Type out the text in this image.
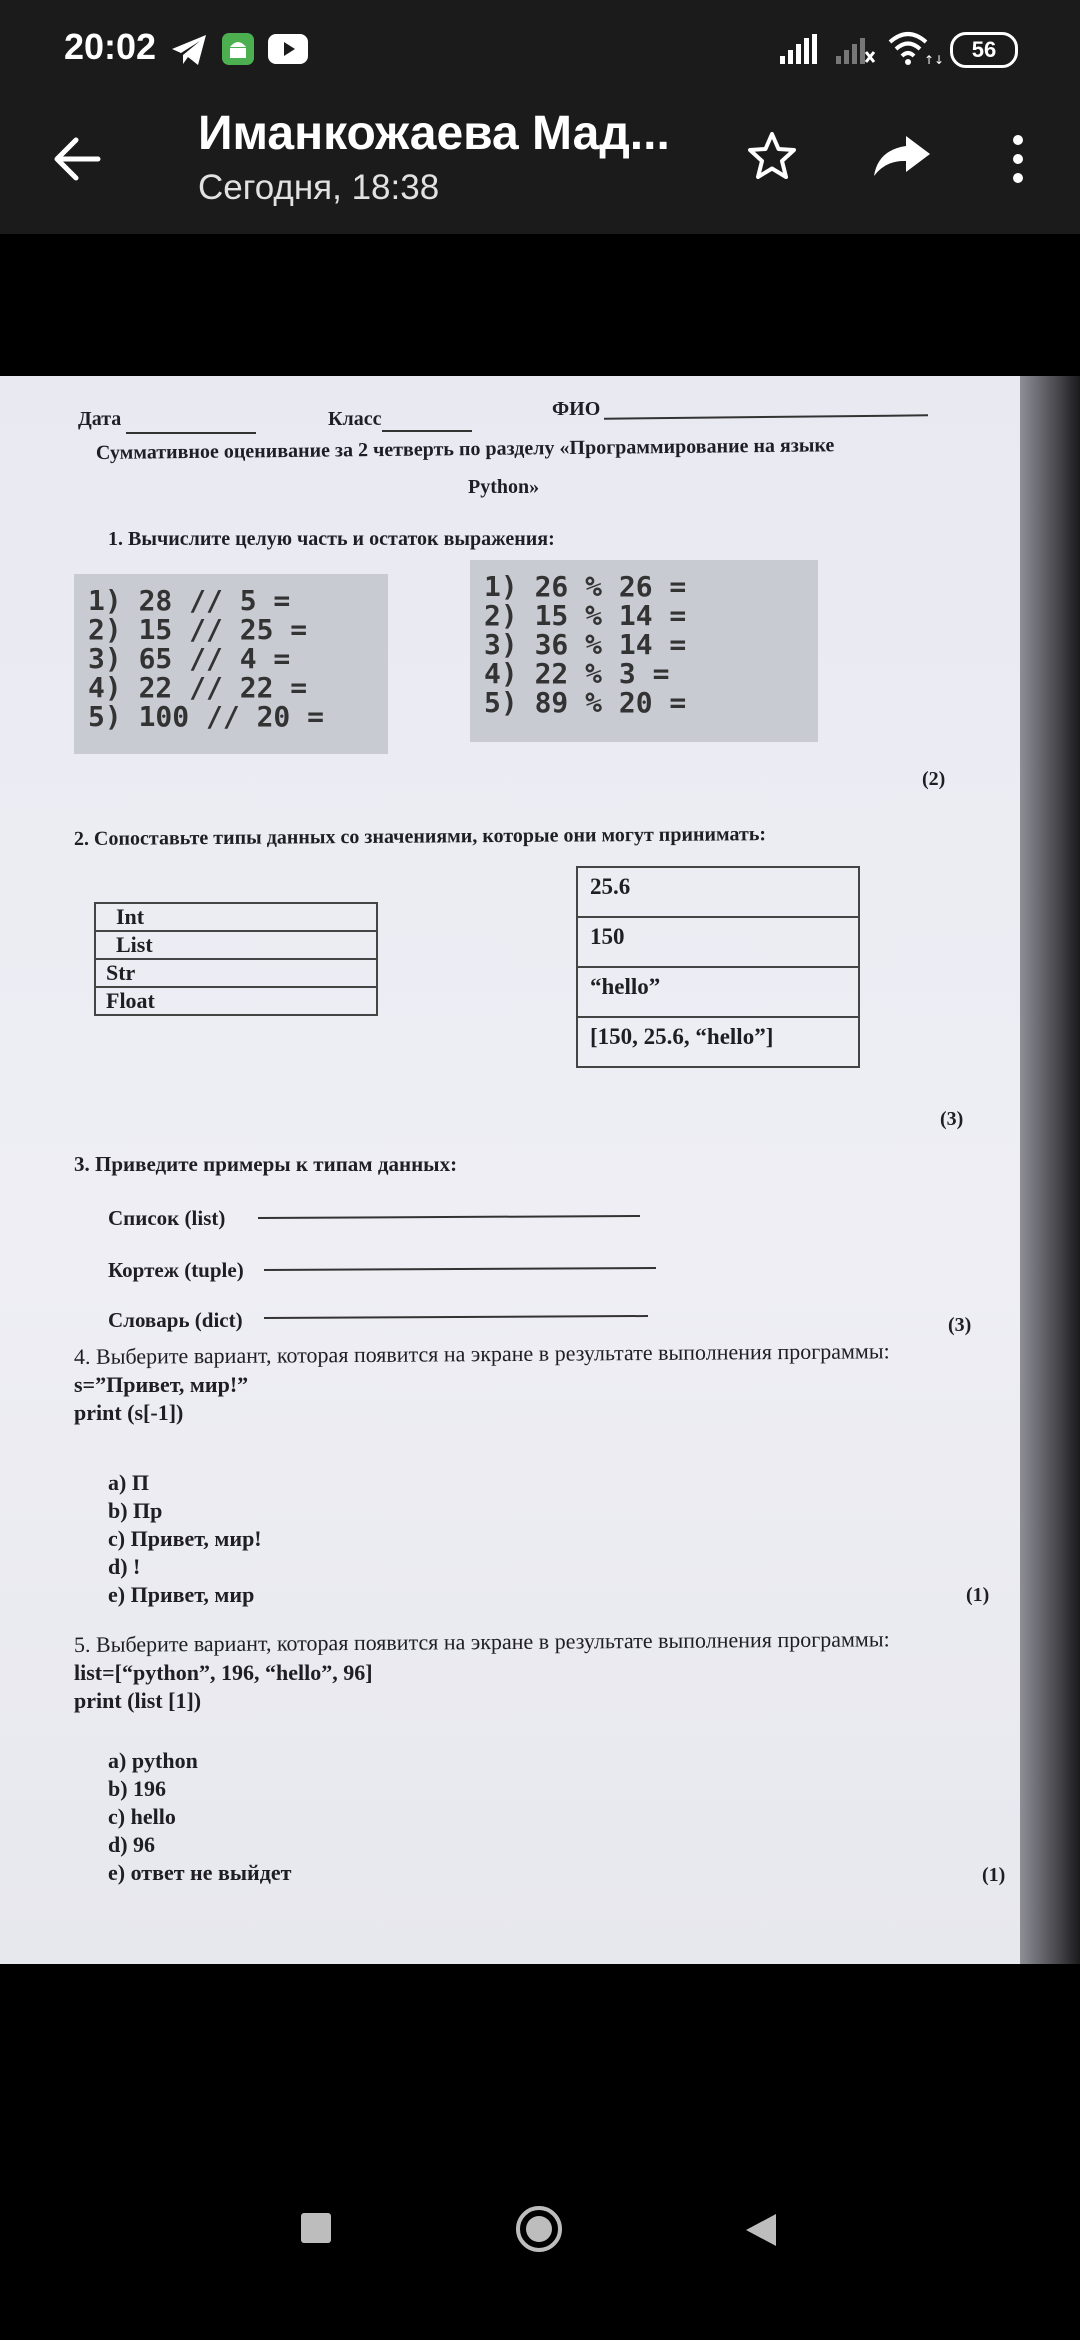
20:02	↑↓	56
Иманкожаева Мад...
Сегодня, 18:38
Дата	Класс	ФИО
Суммативное оценивание за 2 четверть по разделу «Программирование на языке
Python»
1. Вычислите целую часть и остаток выражения:
1) 28 // 5 =
2) 15 // 25 =
3) 65 // 4 =
4) 22 // 22 =
5) 100 // 20 =
1) 26 % 26 =
2) 15 % 14 =
3) 36 % 14 =
4) 22 % 3 =
5) 89 % 20 =
(2)
2. Сопоставьте типы данных со значениями, которые они могут принимать:
Int
List
Str
Float
25.6
150
“hello”
[150, 25.6, “hello”]
(3)
3. Приведите примеры к типам данных:
Список (list)
Кортеж (tuple)
Словарь (dict)	(3)
4. Выберите вариант, которая появится на экране в результате выполнения программы:
s=”Привет, мир!”
print (s[-1])
a) П
b) Пр
c) Привет, мир!
d) !
e) Привет, мир	(1)
5. Выберите вариант, которая появится на экране в результате выполнения программы:
list=[“python”, 196, “hello”, 96]
print (list [1])
a) python
b) 196
c) hello
d) 96
e) ответ не выйдет	(1)
